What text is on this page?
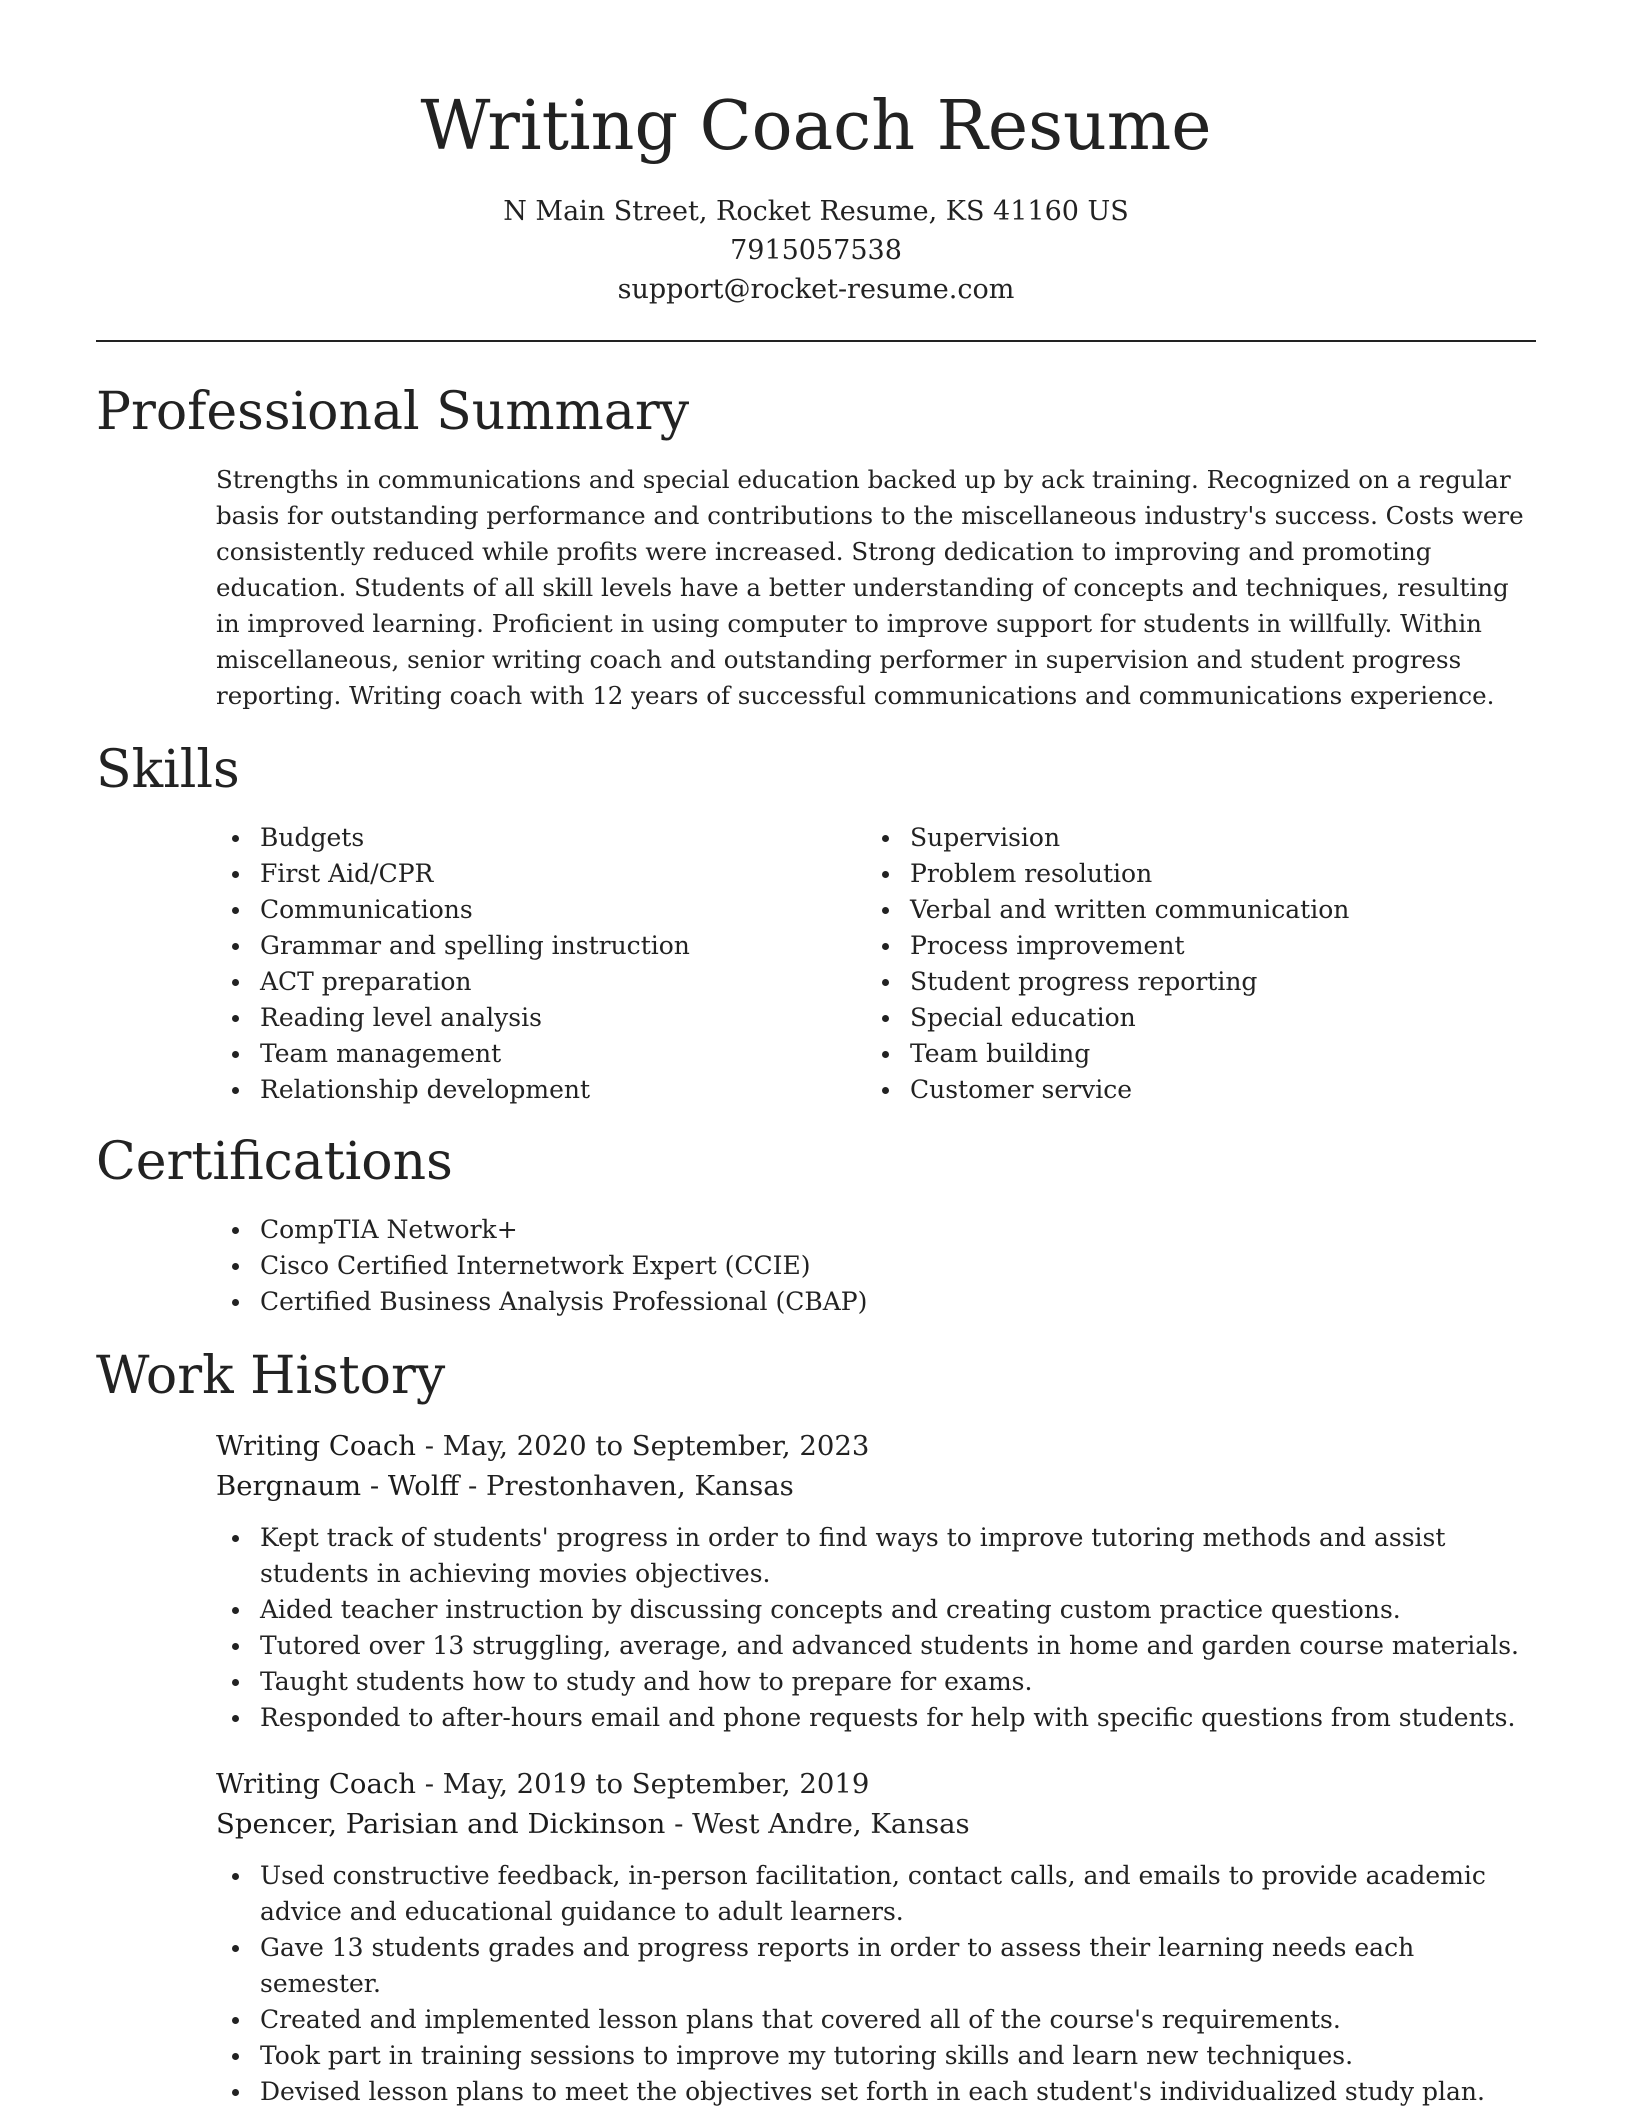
Writing Coach Resume
N Main Street, Rocket Resume, KS 41160 US
7915057538
support@rocket-resume.com
Professional Summary

Strengths in communications and special education backed up by ack training. Recognized on a regular basis for outstanding performance and contributions to the miscellaneous industry's success. Costs were consistently reduced while profits were increased. Strong dedication to improving and promoting education. Students of all skill levels have a better understanding of concepts and techniques, resulting in improved learning. Proficient in using computer to improve support for students in willfully. Within miscellaneous, senior writing coach and outstanding performer in supervision and student progress reporting. Writing coach with 12 years of successful communications and communications experience.

Skills
Budgets
First Aid/CPR
Communications
Grammar and spelling instruction
ACT preparation
Reading level analysis
Team management
Relationship development
Supervision
Problem resolution
Verbal and written communication
Process improvement
Student progress reporting
Special education
Team building
Customer service
Certifications
CompTIA Network+
Cisco Certified Internetwork Expert (CCIE)
Certified Business Analysis Professional (CBAP)
Work History
Writing Coach - May, 2020 to September, 2023
Bergnaum - Wolff - Prestonhaven, Kansas
Kept track of students' progress in order to find ways to improve tutoring methods and assist students in achieving movies objectives.
Aided teacher instruction by discussing concepts and creating custom practice questions.
Tutored over 13 struggling, average, and advanced students in home and garden course materials.
Taught students how to study and how to prepare for exams.
Responded to after-hours email and phone requests for help with specific questions from students.
Writing Coach - May, 2019 to September, 2019
Spencer, Parisian and Dickinson - West Andre, Kansas
Used constructive feedback, in-person facilitation, contact calls, and emails to provide academic advice and educational guidance to adult learners.
Gave 13 students grades and progress reports in order to assess their learning needs each semester.
Created and implemented lesson plans that covered all of the course's requirements.
Took part in training sessions to improve my tutoring skills and learn new techniques.
Devised lesson plans to meet the objectives set forth in each student's individualized study plan.
